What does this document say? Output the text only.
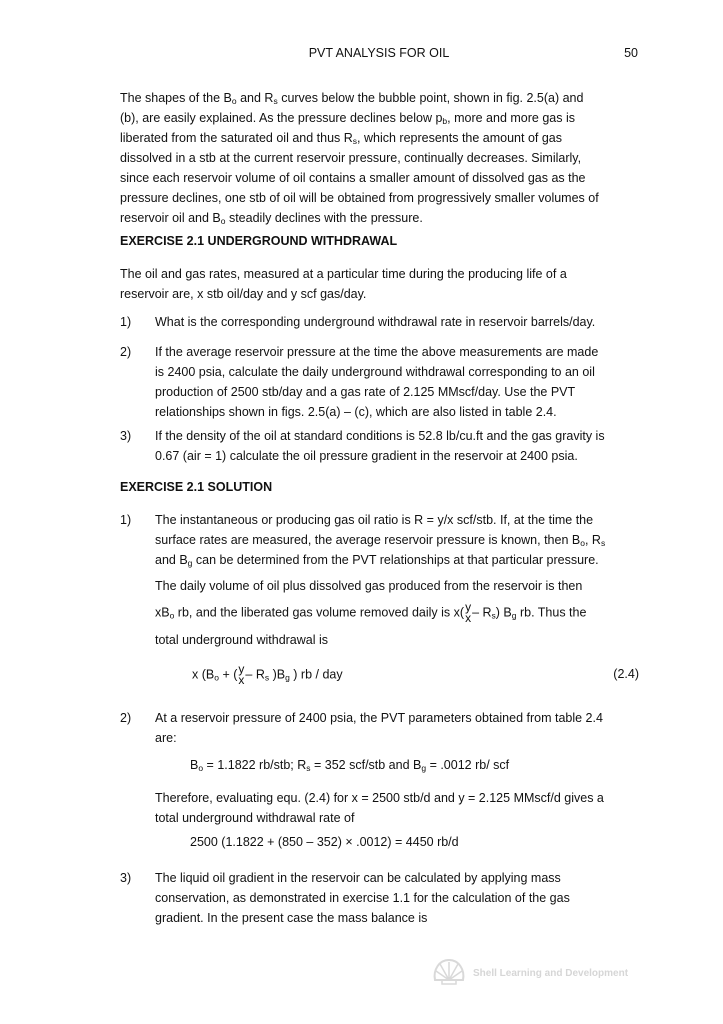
PVT ANALYSIS FOR OIL	50
The shapes of the $B_o$ and $R_s$ curves below the bubble point, shown in fig. 2.5(a) and
(b), are easily explained. As the pressure declines below $p_b$, more and more gas is
liberated from the saturated oil and thus $R_s$, which represents the amount of gas
dissolved in a stb at the current reservoir pressure, continually decreases. Similarly,
since each reservoir volume of oil contains a smaller amount of dissolved gas as the
pressure declines, one stb of oil will be obtained from progressively smaller volumes of
reservoir oil and $B_o$ steadily declines with the pressure.
EXERCISE 2.1 UNDERGROUND WITHDRAWAL
The oil and gas rates, measured at a particular time during the producing life of a
reservoir are, x stb oil/day and y scf gas/day.
1) What is the corresponding underground withdrawal rate in reservoir barrels/day.
2) If the average reservoir pressure at the time the above measurements are made
is 2400 psia, calculate the daily underground withdrawal corresponding to an oil
production of 2500 stb/day and a gas rate of 2.125 MMscf/day. Use the PVT
relationships shown in figs. 2.5(a) – (c), which are also listed in table 2.4.
3) If the density of the oil at standard conditions is 52.8 lb/cu.ft and the gas gravity is
0.67 (air = 1) calculate the oil pressure gradient in the reservoir at 2400 psia.
EXERCISE 2.1 SOLUTION
1) The instantaneous or producing gas oil ratio is R = y/x scf/stb. If, at the time the
surface rates are measured, the average reservoir pressure is known, then $B_o$, $R_s$
and $B_g$ can be determined from the PVT relationships at that particular pressure.
The daily volume of oil plus dissolved gas produced from the reservoir is then
$xB_o$ rb, and the liberated gas volume removed daily is x( y
x – $R_s$) $B_g$ rb. Thus the
total underground withdrawal is
x ($B_o$ + ( y
x – $R_s$ )$B_g$ ) rb / day	(2.4)
2) At a reservoir pressure of 2400 psia, the PVT parameters obtained from table 2.4
are:
$B_o = 1.1822$ rb/stb; $R_s = 352$ scf/stb and $B_g = .0012$ rb/ scf
Therefore, evaluating equ. (2.4) for x = 2500 stb/d and y = 2.125 MMscf/d gives a
total underground withdrawal rate of
2500 (1.1822 + (850 – 352) × .0012) = 4450 rb/d
3) The liquid oil gradient in the reservoir can be calculated by applying mass
conservation, as demonstrated in exercise 1.1 for the calculation of the gas
gradient. In the present case the mass balance is
Shell Learning and Development
